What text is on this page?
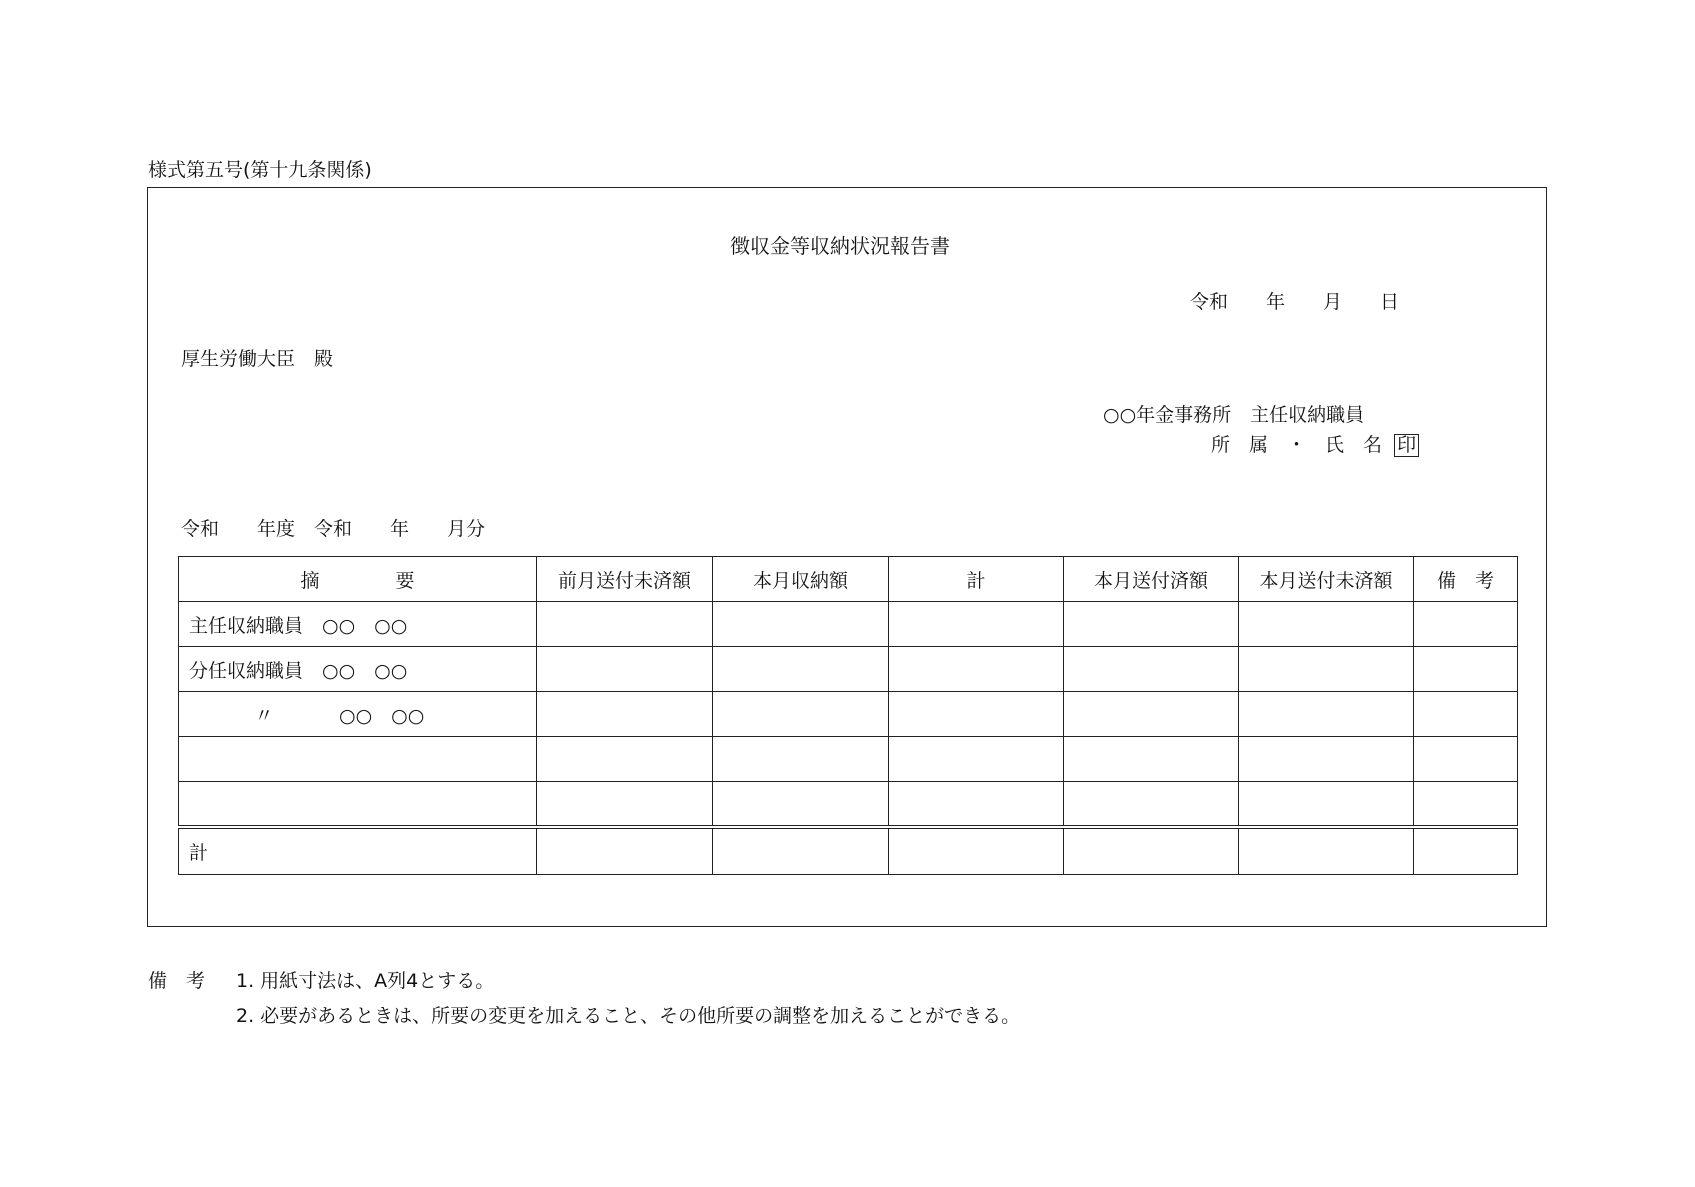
様式第五号(第十九条関係)
徴収金等収納状況報告書
令和　　年　　月　　日
厚生労働大臣　殿
○○年金事務所　主任収納職員
所　属　・　氏　名 印
令和　　年度　令和　　年　　月分
摘　　　　要	前月送付未済額	本月収納額	計	本月送付済額	本月送付未済額	備　考
主任収納職員　○○　○○						
分任収納職員　○○　○○						
〃 ○○　○○						

計						
備　考 1. 用紙寸法は、A列4とする。
2. 必要があるときは、所要の変更を加えること、その他所要の調整を加えることができる。
